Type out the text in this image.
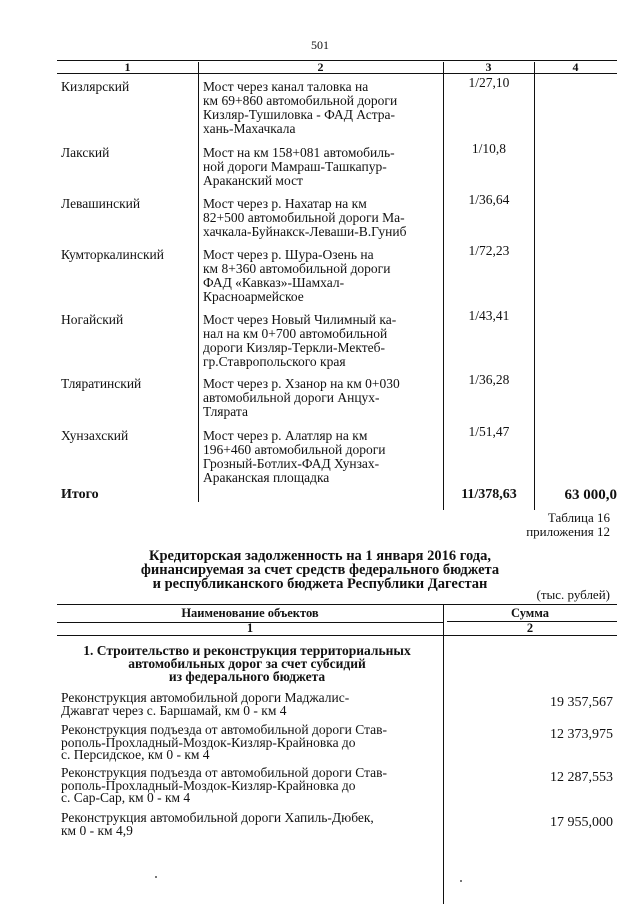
501
1	2	3	4
Кизлярский	Мост через канал таловка на
км 69+860 автомобильной дороги
Кизляр-Тушиловка - ФАД Астра-
хань-Махачкала
1/27,10
Лакский	Мост на км 158+081 автомобиль-
ной дороги Мамраш-Ташкапур-
Араканский мост
1/10,8
Левашинский	Мост через р. Нахатар на км
82+500 автомобильной дороги Ма-
хачкала-Буйнакск-Леваши-В.Гуниб
1/36,64
Кумторкалинский	Мост через р. Шура-Озень на
км 8+360 автомобильной дороги
ФАД «Кавказ»-Шамхал-
Красноармейское
1/72,23
Ногайский	Мост через Новый Чилимный ка-
нал на км 0+700 автомобильной
дороги Кизляр-Теркли-Мектеб-
гр.Ставропольского края
1/43,41
Тляратинский	Мост через р. Хзанор на км 0+030
автомобильной дороги Анцух-
Тлярата
1/36,28
Хунзахский	Мост через р. Алатляр на км
196+460 автомобильной дороги
Грозный-Ботлих-ФАД Хунзах-
Араканская площадка
1/51,47
Итого	11/378,63	63 000,0
Таблица 16
приложения 12
Кредиторская задолженность на 1 января 2016 года,
финансируемая за счет средств федерального бюджета
и республиканского бюджета Республики Дагестан
(тыс. рублей)
Наименование объектов	Сумма
1	2
1. Строительство и реконструкция территориальных
автомобильных дорог за счет субсидий
из федерального бюджета
Реконструкция автомобильной дороги Маджалис-
Джавгат через с. Баршамай, км 0 - км 4	19 357,567
Реконструкция подъезда от автомобильной дороги Став-
рополь-Прохладный-Моздок-Кизляр-Крайновка до
с. Персидское, км 0 - км 4
12 373,975
Реконструкция подъезда от автомобильной дороги Став-
рополь-Прохладный-Моздок-Кизляр-Крайновка до
с. Сар-Сар, км 0 - км 4
12 287,553
Реконструкция автомобильной дороги Хапиль-Дюбек,
км 0 - км 4,9	17 955,000
